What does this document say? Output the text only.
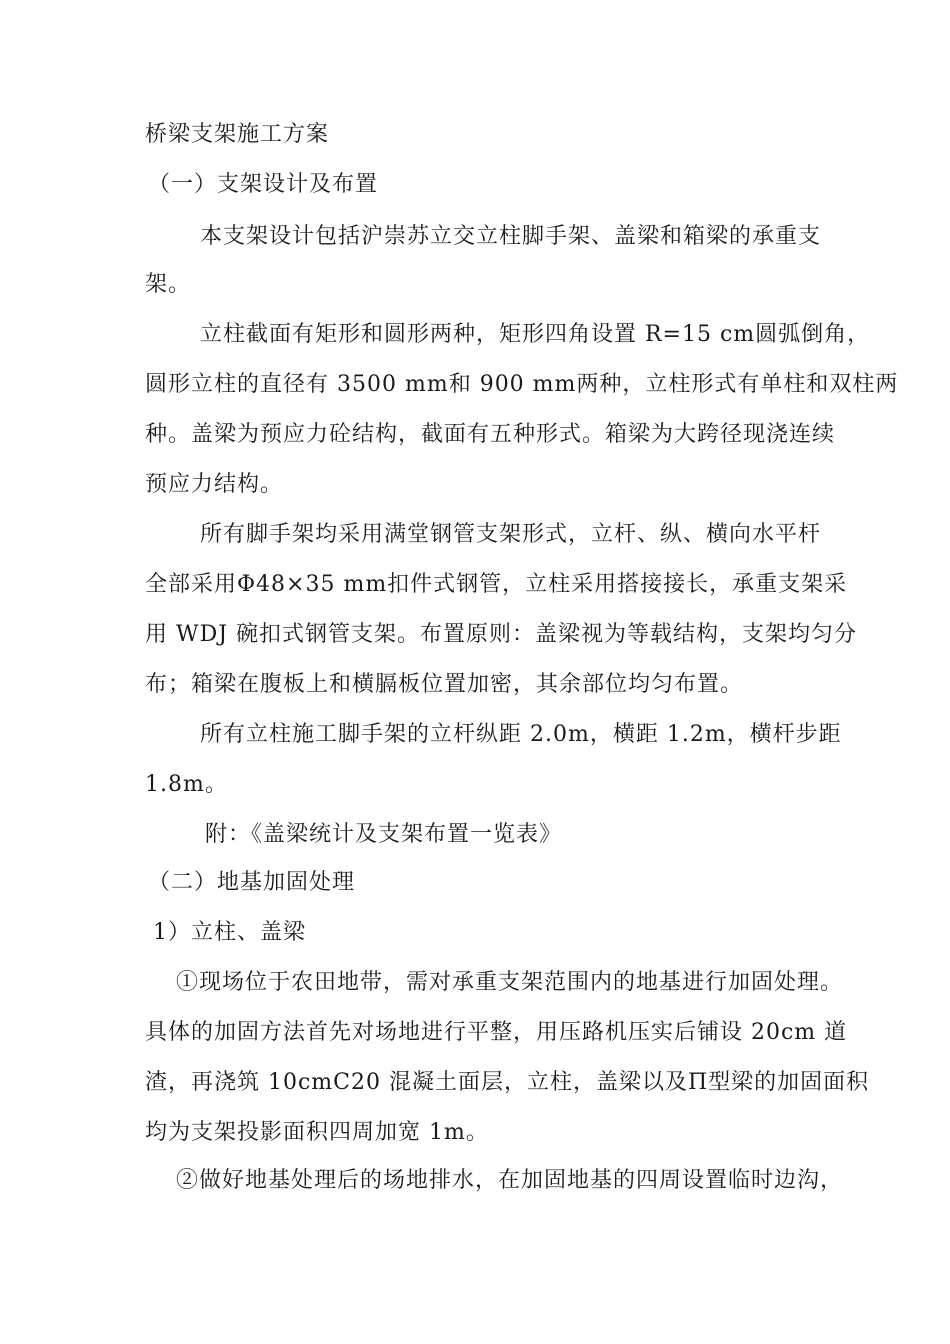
桥梁支架施工方案
（一）支架设计及布置
本支架设计包括沪崇苏立交立柱脚手架、盖梁和箱梁的承重支
架。
立柱截面有矩形和圆形两种，矩形四角设置 R=15 cm圆弧倒角，
圆形立柱的直径有 3500 mm和 900 mm两种，立柱形式有单柱和双柱两
种。盖梁为预应力砼结构，截面有五种形式。箱梁为大跨径现浇连续
预应力结构。
所有脚手架均采用满堂钢管支架形式，立杆、纵、横向水平杆
全部采用Φ48×35 mm扣件式钢管，立柱采用搭接接长，承重支架采
用 WDJ 碗扣式钢管支架。布置原则：盖梁视为等载结构，支架均匀分
布；箱梁在腹板上和横膈板位置加密，其余部位均匀布置。
所有立柱施工脚手架的立杆纵距 2.0m，横距 1.2m，横杆步距
1.8m。
附：《盖梁统计及支架布置一览表》
（二）地基加固处理
1）立柱、盖梁
①现场位于农田地带，需对承重支架范围内的地基进行加固处理。
具体的加固方法首先对场地进行平整，用压路机压实后铺设 20cm 道
渣，再浇筑 10cmC20 混凝土面层，立柱，盖梁以及Π型梁的加固面积
均为支架投影面积四周加宽 1m。
②做好地基处理后的场地排水，在加固地基的四周设置临时边沟，
